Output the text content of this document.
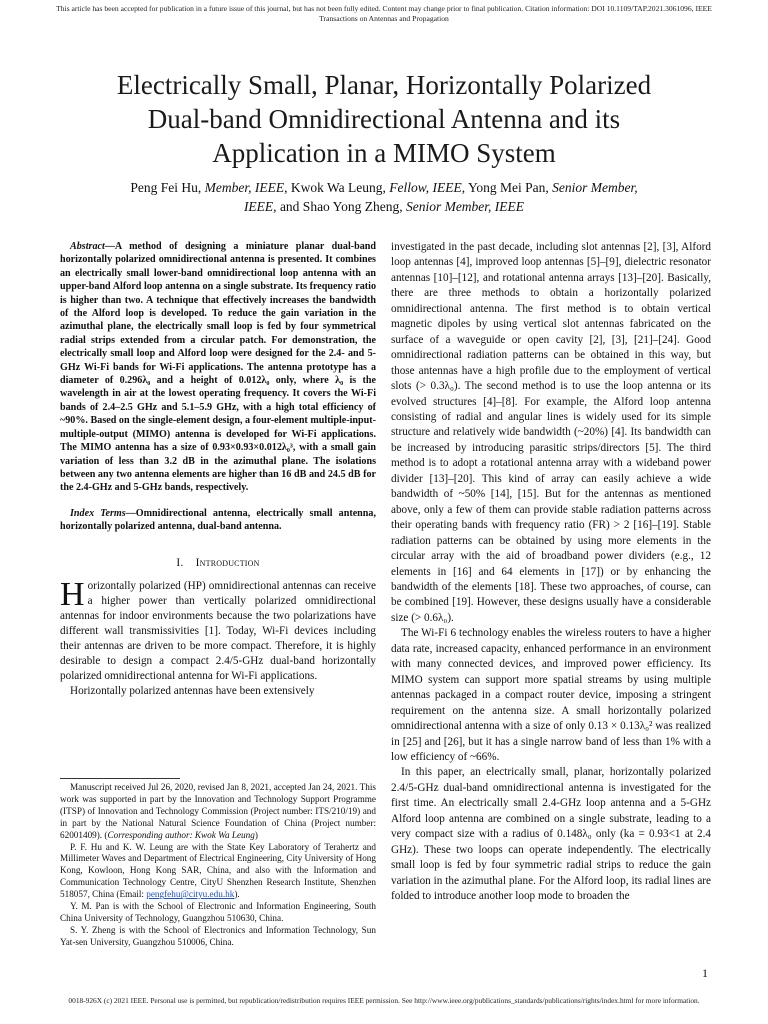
This article has been accepted for publication in a future issue of this journal, but has not been fully edited. Content may change prior to final publication. Citation information: DOI 10.1109/TAP.2021.3061096, IEEE
Transactions on Antennas and Propagation
Electrically Small, Planar, Horizontally Polarized
Dual-band Omnidirectional Antenna and its
Application in a MIMO System
Peng Fei Hu, Member, IEEE, Kwok Wa Leung, Fellow, IEEE, Yong Mei Pan, Senior Member,
IEEE, and Shao Yong Zheng, Senior Member, IEEE

Abstract—A method of designing a miniature planar dual-band horizontally polarized omnidirectional antenna is presented. It combines an electrically small lower-band omnidirectional loop antenna with an upper-band Alford loop antenna on a single substrate. Its frequency ratio is higher than two. A technique that effectively increases the bandwidth of the Alford loop is developed. To reduce the gain variation in the azimuthal plane, the electrically small loop is fed by four symmetrical radial strips extended from a circular patch. For demonstration, the electrically small loop and Alford loop were designed for the 2.4- and 5-GHz Wi-Fi bands for Wi-Fi applications. The antenna prototype has a diameter of 0.296λ₀ and a height of 0.012λ₀ only, where λ₀ is the wavelength in air at the lowest operating frequency. It covers the Wi-Fi bands of 2.4–2.5 GHz and 5.1–5.9 GHz, with a high total efficiency of ~90%. Based on the single-element design, a four-element multiple-input-multiple-output (MIMO) antenna is developed for Wi-Fi applications. The MIMO antenna has a size of 0.93×0.93×0.012λ₀³, with a small gain variation of less than 3.2 dB in the azimuthal plane. The isolations between any two antenna elements are higher than 16 dB and 24.5 dB for the 2.4-GHz and 5-GHz bands, respectively.

Index Terms—Omnidirectional antenna, electrically small antenna, horizontally polarized antenna, dual-band antenna.

I. Introduction

Horizontally polarized (HP) omnidirectional antennas can receive a higher power than vertically polarized omnidirectional antennas for indoor environments because the two polarizations have different wall transmissivities [1]. Today, Wi-Fi devices including their antennas are driven to be more compact. Therefore, it is highly desirable to design a compact 2.4/5-GHz dual-band horizontally polarized omnidirectional antenna for Wi-Fi applications.

Horizontally polarized antennas have been extensively

Manuscript received Jul 26, 2020, revised Jan 8, 2021, accepted Jan 24, 2021. This work was supported in part by the Innovation and Technology Support Programme (ITSP) of Innovation and Technology Commission (Project number: ITS/210/19) and in part by the National Natural Science Foundation of China (Project number: 62001409). (Corresponding author: Kwok Wa Leung)

P. F. Hu and K. W. Leung are with the State Key Laboratory of Terahertz and Millimeter Waves and Department of Electrical Engineering, City University of Hong Kong, Kowloon, Hong Kong SAR, China, and also with the Information and Communication Technology Centre, CityU Shenzhen Research Institute, Shenzhen 518057, China (Email: pengfehu@cityu.edu.hk).

Y. M. Pan is with the School of Electronic and Information Engineering, South China University of Technology, Guangzhou 510630, China.

S. Y. Zheng is with the School of Electronics and Information Technology, Sun Yat-sen University, Guangzhou 510006, China.

investigated in the past decade, including slot antennas [2], [3], Alford loop antennas [4], improved loop antennas [5]–[9], dielectric resonator antennas [10]–[12], and rotational antenna arrays [13]–[20]. Basically, there are three methods to obtain a horizontally polarized omnidirectional antenna. The first method is to obtain vertical magnetic dipoles by using vertical slot antennas fabricated on the surface of a waveguide or open cavity [2], [3], [21]–[24]. Good omnidirectional radiation patterns can be obtained in this way, but those antennas have a high profile due to the employment of vertical slots (> 0.3λ₀). The second method is to use the loop antenna or its evolved structures [4]–[8]. For example, the Alford loop antenna consisting of radial and angular lines is widely used for its simple structure and relatively wide bandwidth (~20%) [4]. Its bandwidth can be increased by introducing parasitic strips/directors [5]. The third method is to adopt a rotational antenna array with a wideband power divider [13]–[20]. This kind of array can easily achieve a wide bandwidth of ~50% [14], [15]. But for the antennas as mentioned above, only a few of them can provide stable radiation patterns across their operating bands with frequency ratio (FR) > 2 [16]–[19]. Stable radiation patterns can be obtained by using more elements in the circular array with the aid of broadband power dividers (e.g., 12 elements in [16] and 64 elements in [17]) or by enhancing the bandwidth of the elements [18]. These two approaches, of course, can be combined [19]. However, these designs usually have a considerable size (> 0.6λ₀).

The Wi-Fi 6 technology enables the wireless routers to have a higher data rate, increased capacity, enhanced performance in an environment with many connected devices, and improved power efficiency. Its MIMO system can support more spatial streams by using multiple antennas packaged in a compact router device, imposing a stringent requirement on the antenna size. A small horizontally polarized omnidirectional antenna with a size of only 0.13 × 0.13λ₀² was realized in [25] and [26], but it has a single narrow band of less than 1% with a low efficiency of ~66%.

In this paper, an electrically small, planar, horizontally polarized 2.4/5-GHz dual-band omnidirectional antenna is investigated for the first time. An electrically small 2.4-GHz loop antenna and a 5-GHz Alford loop antenna are combined on a single substrate, leading to a very compact size with a radius of 0.148λ₀ only (ka = 0.93<1 at 2.4 GHz). These two loops can operate independently. The electrically small loop is fed by four symmetric radial strips to reduce the gain variation in the azimuthal plane. For the Alford loop, its radial lines are folded to introduce another loop mode to broaden the

1
0018-926X (c) 2021 IEEE. Personal use is permitted, but republication/redistribution requires IEEE permission. See http://www.ieee.org/publications_standards/publications/rights/index.html for more information.
